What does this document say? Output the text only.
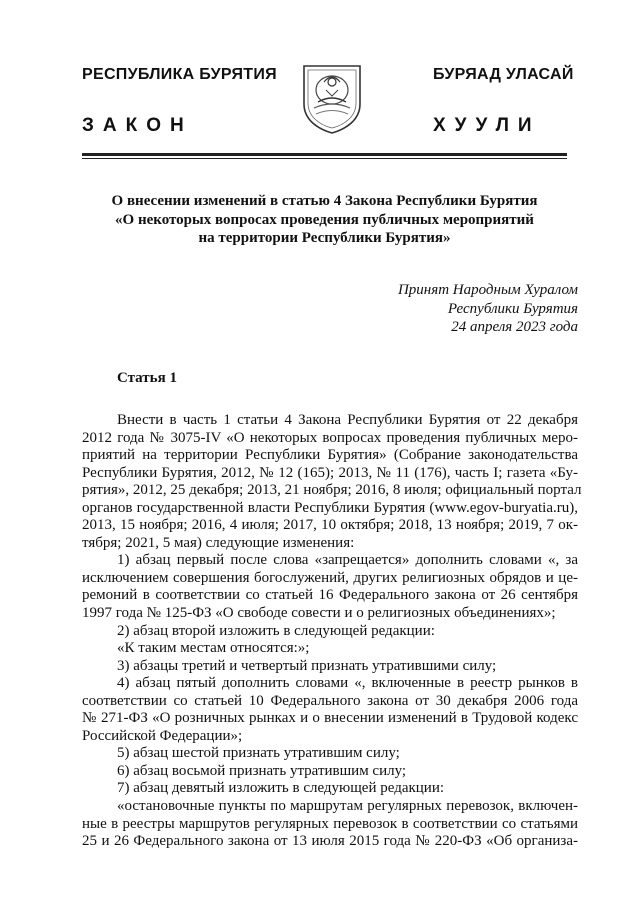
РЕСПУБЛИКА БУРЯТИЯ	БУРЯАД УЛАСАЙ
ЗАКОН	ХУУЛИ
О внесении изменений в статью 4 Закона Республики Бурятия
«О некоторых вопросах проведения публичных мероприятий
на территории Республики Бурятия»
Принят Народным Хуралом
Республики Бурятия
24 апреля 2023 года
Статья 1
Внести в часть 1 статьи 4 Закона Республики Бурятия от 22 декабря
2012 года № 3075-IV «О некоторых вопросах проведения публичных меро-
приятий на территории Республики Бурятия» (Собрание законодательства
Республики Бурятия, 2012, № 12 (165); 2013, № 11 (176), часть I; газета «Бу-
рятия», 2012, 25 декабря; 2013, 21 ноября; 2016, 8 июля; официальный портал
органов государственной власти Республики Бурятия (www.egov-buryatia.ru),
2013, 15 ноября; 2016, 4 июля; 2017, 10 октября; 2018, 13 ноября; 2019, 7 ок-
тября; 2021, 5 мая) следующие изменения:
1) абзац первый после слова «запрещается» дополнить словами «, за
исключением совершения богослужений, других религиозных обрядов и це-
ремоний в соответствии со статьей 16 Федерального закона от 26 сентября
1997 года № 125-ФЗ «О свободе совести и о религиозных объединениях»;
2) абзац второй изложить в следующей редакции:
«К таким местам относятся:»;
3) абзацы третий и четвертый признать утратившими силу;
4) абзац пятый дополнить словами «, включенные в реестр рынков в
соответствии со статьей 10 Федерального закона от 30 декабря 2006 года
№ 271-ФЗ «О розничных рынках и о внесении изменений в Трудовой кодекс
Российской Федерации»;
5) абзац шестой признать утратившим силу;
6) абзац восьмой признать утратившим силу;
7) абзац девятый изложить в следующей редакции:
«остановочные пункты по маршрутам регулярных перевозок, включен-
ные в реестры маршрутов регулярных перевозок в соответствии со статьями
25 и 26 Федерального закона от 13 июля 2015 года № 220-ФЗ «Об организа-
